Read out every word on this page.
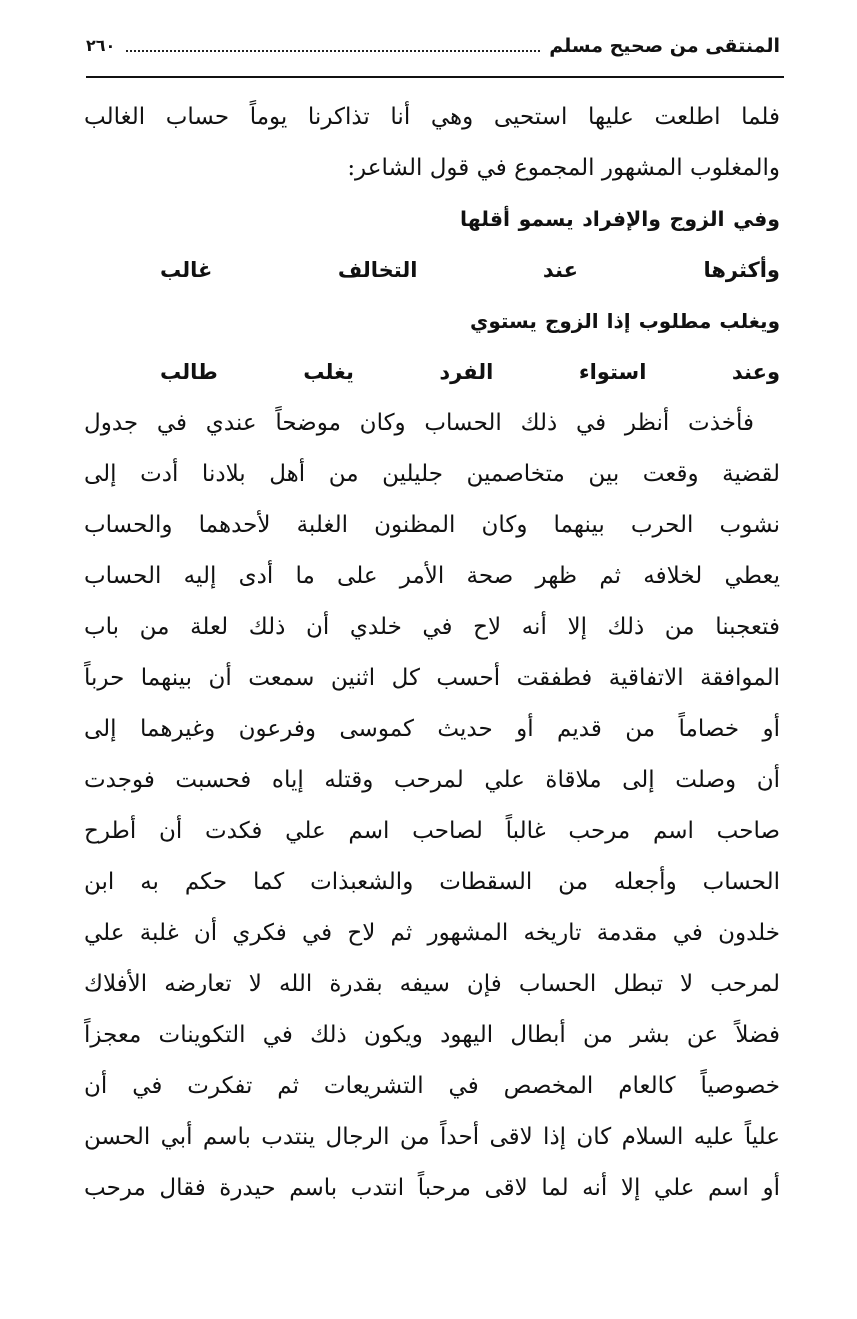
المنتقى من صحيح مسلم
٢٦٠
فلما اطلعت عليها استحيى وهي أنا تذاكرنا يوماً حساب الغالب
والمغلوب المشهور المجموع في قول الشاعر:
وفي الزوج والإفراد يسمو أقلها
وأكثرها عند التخالف غالب
ويغلب مطلوب إذا الزوج يستوي
وعند استواء الفرد يغلب طالب
فأخذت أنظر في ذلك الحساب وكان موضحاً عندي في جدول
لقضية وقعت بين متخاصمين جليلين من أهل بلادنا أدت إلى
نشوب الحرب بينهما وكان المظنون الغلبة لأحدهما والحساب
يعطي لخلافه ثم ظهر صحة الأمر على ما أدى إليه الحساب
فتعجبنا من ذلك إلا أنه لاح في خلدي أن ذلك لعلة من باب
الموافقة الاتفاقية فطفقت أحسب كل اثنين سمعت أن بينهما حرباً
أو خصاماً من قديم أو حديث كموسى وفرعون وغيرهما إلى
أن وصلت إلى ملاقاة علي لمرحب وقتله إياه فحسبت فوجدت
صاحب اسم مرحب غالباً لصاحب اسم علي فكدت أن أطرح
الحساب وأجعله من السقطات والشعبذات كما حكم به ابن
خلدون في مقدمة تاريخه المشهور ثم لاح في فكري أن غلبة علي
لمرحب لا تبطل الحساب فإن سيفه بقدرة الله لا تعارضه الأفلاك
فضلاً عن بشر من أبطال اليهود ويكون ذلك في التكوينات معجزاً
خصوصياً كالعام المخصص في التشريعات ثم تفكرت في أن
علياً عليه السلام كان إذا لاقى أحداً من الرجال ينتدب باسم أبي الحسن
أو اسم علي إلا أنه لما لاقى مرحباً انتدب باسم حيدرة فقال مرحب
